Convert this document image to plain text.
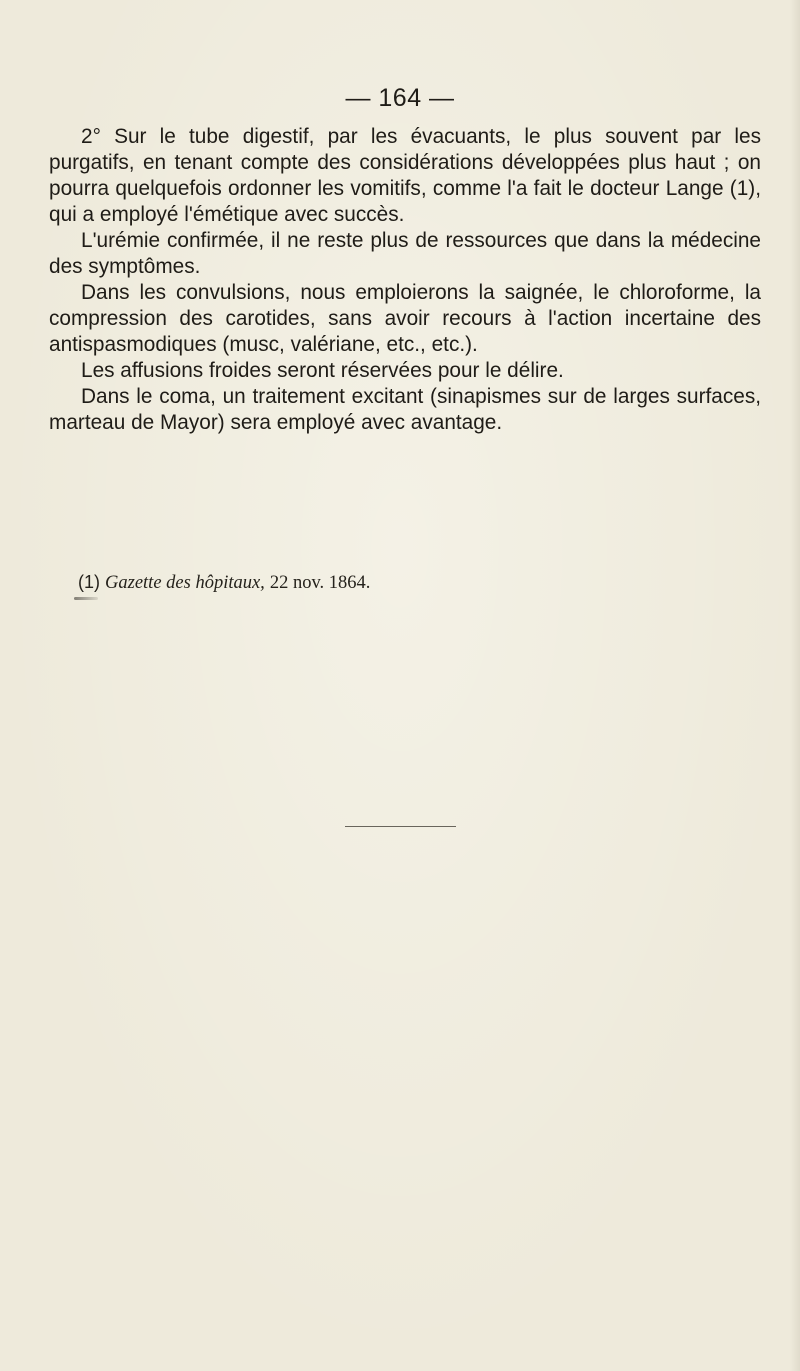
— 164 —

2° Sur le tube digestif, par les évacuants, le plus souvent par les purgatifs, en tenant compte des considérations développées plus haut ; on pourra quelquefois ordonner les vomitifs, comme l'a fait le docteur Lange (1), qui a employé l'émétique avec succès.

L'urémie confirmée, il ne reste plus de ressources que dans la médecine des symptômes.

Dans les convulsions, nous emploierons la saignée, le chloroforme, la compression des carotides, sans avoir recours à l'action incertaine des antispasmodiques (musc, valériane, etc., etc.).

Les affusions froides seront réservées pour le délire.

Dans le coma, un traitement excitant (sinapismes sur de larges surfaces, marteau de Mayor) sera employé avec avantage.

(1) Gazette des hôpitaux, 22 nov. 1864.
